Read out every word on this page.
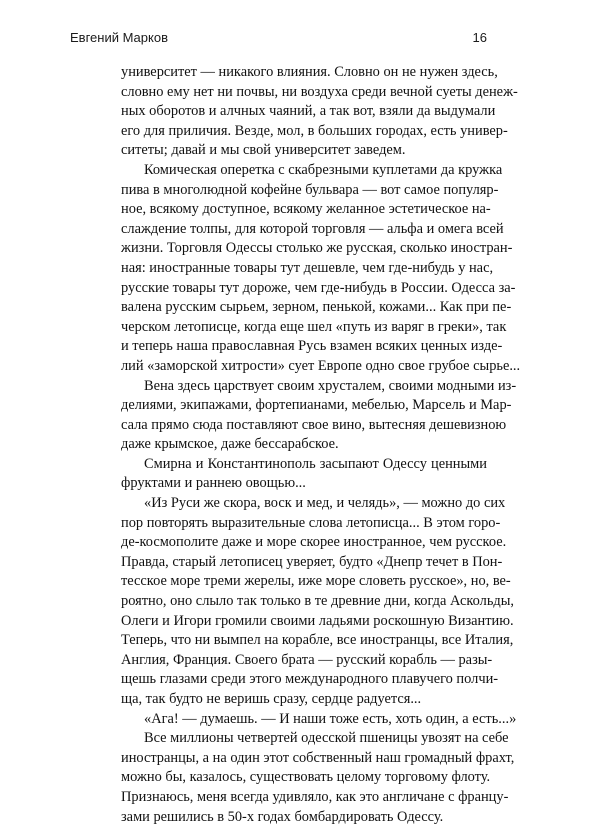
Евгений Марков	16
университет — никакого влияния. Словно он не нужен здесь,
словно ему нет ни почвы, ни воздуха среди вечной суеты денеж-
ных оборотов и алчных чаяний, а так вот, взяли да выдумали
его для приличия. Везде, мол, в больших городах, есть универ-
ситеты; давай и мы свой университет заведем.
Комическая оперетка с скабрезными куплетами да кружка
пива в многолюдной кофейне бульвара — вот самое популяр-
ное, всякому доступное, всякому желанное эстетическое на-
слаждение толпы, для которой торговля — альфа и омега всей
жизни. Торговля Одессы столько же русская, сколько иностран-
ная: иностранные товары тут дешевле, чем где-нибудь у нас,
русские товары тут дороже, чем где-нибудь в России. Одесса за-
валена русским сырьем, зерном, пенькой, кожами... Как при пе-
черском летописце, когда еще шел «путь из варяг в греки», так
и теперь наша православная Русь взамен всяких ценных изде-
лий «заморской хитрости» сует Европе одно свое грубое сырье...
Вена здесь царствует своим хрусталем, своими модными из-
делиями, экипажами, фортепианами, мебелью, Марсель и Мар-
сала прямо сюда поставляют свое вино, вытесняя дешевизною
даже крымское, даже бессарабское.
Смирна и Константинополь засыпают Одессу ценными
фруктами и раннею овощью...
«Из Руси же скора, воск и мед, и челядь», — можно до сих
пор повторять выразительные слова летописца... В этом горо-
де-космополите даже и море скорее иностранное, чем русское.
Правда, старый летописец уверяет, будто «Днепр течет в Пон-
тесское море треми жерелы, иже море словеть русское», но, ве-
роятно, оно слыло так только в те древние дни, когда Аскольды,
Олеги и Игори громили своими ладьями роскошную Византию.
Теперь, что ни вымпел на корабле, все иностранцы, все Италия,
Англия, Франция. Своего брата — русский корабль — разы-
щешь глазами среди этого международного плавучего полчи-
ща, так будто не веришь сразу, сердце радуется...
«Ага! — думаешь. — И наши тоже есть, хоть один, а есть...»
Все миллионы четвертей одесской пшеницы увозят на себе
иностранцы, а на один этот собственный наш громадный фрахт,
можно бы, казалось, существовать целому торговому флоту.
Признаюсь, меня всегда удивляло, как это англичане с францу-
зами решились в 50-х годах бомбардировать Одессу.
